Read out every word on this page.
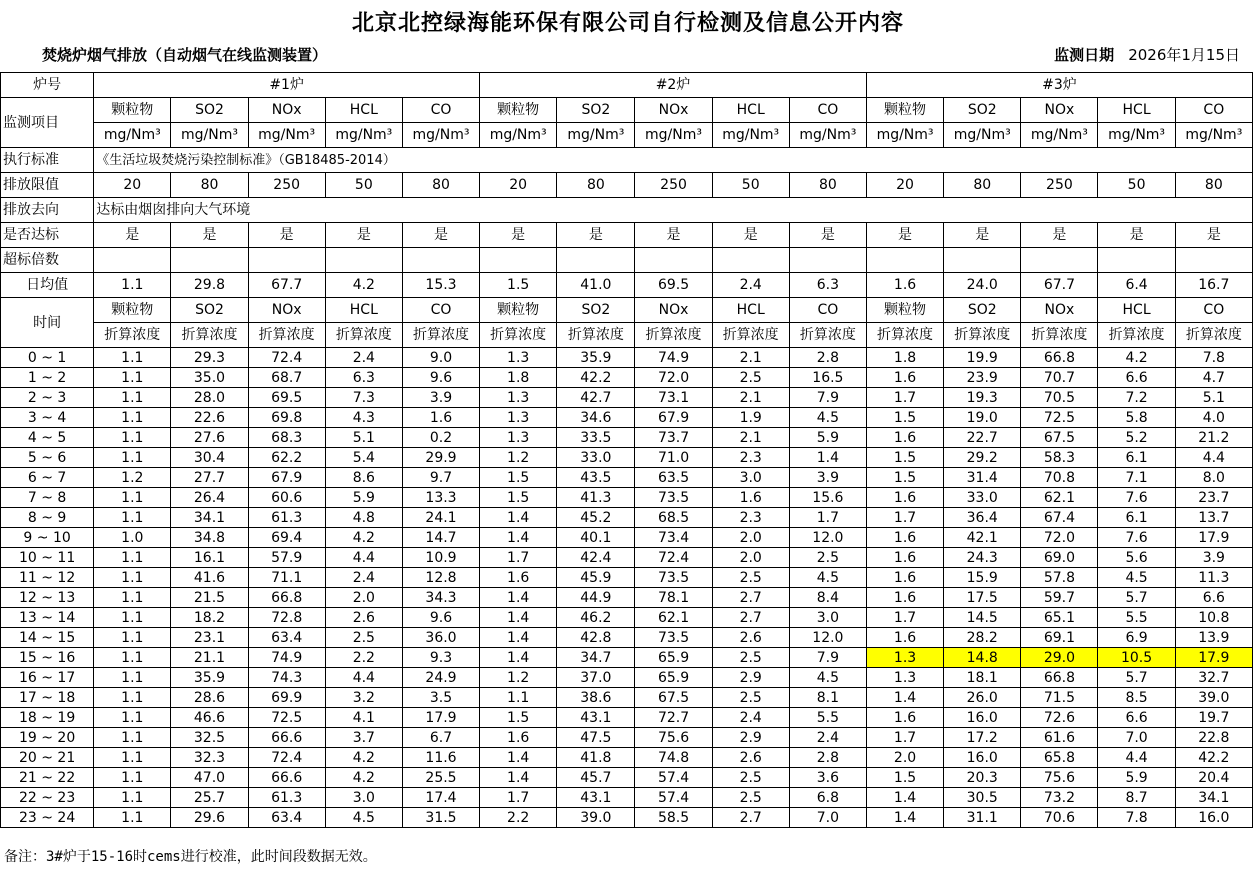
北京北控绿海能环保有限公司自行检测及信息公开内容
焚烧炉烟气排放（自动烟气在线监测装置）	监测日期 2026年1月15日
炉号	#1炉					#2炉					#3炉				
监测项目	颗粒物	SO2	NOx	HCL	CO	颗粒物	SO2	NOx	HCL	CO	颗粒物	SO2	NOx	HCL	CO
	mg/Nm³	mg/Nm³	mg/Nm³	mg/Nm³	mg/Nm³	mg/Nm³	mg/Nm³	mg/Nm³	mg/Nm³	mg/Nm³	mg/Nm³	mg/Nm³	mg/Nm³	mg/Nm³	mg/Nm³
执行标准	《生活垃圾焚烧污染控制标准》（GB18485-2014）														
排放限值	20	80	250	50	80	20	80	250	50	80	20	80	250	50	80
排放去向	达标由烟囱排向大气环境														
是否达标	是	是	是	是	是	是	是	是	是	是	是	是	是	是	是
超标倍数															
日均值	1.1	29.8	67.7	4.2	15.3	1.5	41.0	69.5	2.4	6.3	1.6	24.0	67.7	6.4	16.7
时间	颗粒物	SO2	NOx	HCL	CO	颗粒物	SO2	NOx	HCL	CO	颗粒物	SO2	NOx	HCL	CO
	折算浓度	折算浓度	折算浓度	折算浓度	折算浓度	折算浓度	折算浓度	折算浓度	折算浓度	折算浓度	折算浓度	折算浓度	折算浓度	折算浓度	折算浓度
0 ~ 1	1.1	29.3	72.4	2.4	9.0	1.3	35.9	74.9	2.1	2.8	1.8	19.9	66.8	4.2	7.8
1 ~ 2	1.1	35.0	68.7	6.3	9.6	1.8	42.2	72.0	2.5	16.5	1.6	23.9	70.7	6.6	4.7
2 ~ 3	1.1	28.0	69.5	7.3	3.9	1.3	42.7	73.1	2.1	7.9	1.7	19.3	70.5	7.2	5.1
3 ~ 4	1.1	22.6	69.8	4.3	1.6	1.3	34.6	67.9	1.9	4.5	1.5	19.0	72.5	5.8	4.0
4 ~ 5	1.1	27.6	68.3	5.1	0.2	1.3	33.5	73.7	2.1	5.9	1.6	22.7	67.5	5.2	21.2
5 ~ 6	1.1	30.4	62.2	5.4	29.9	1.2	33.0	71.0	2.3	1.4	1.5	29.2	58.3	6.1	4.4
6 ~ 7	1.2	27.7	67.9	8.6	9.7	1.5	43.5	63.5	3.0	3.9	1.5	31.4	70.8	7.1	8.0
7 ~ 8	1.1	26.4	60.6	5.9	13.3	1.5	41.3	73.5	1.6	15.6	1.6	33.0	62.1	7.6	23.7
8 ~ 9	1.1	34.1	61.3	4.8	24.1	1.4	45.2	68.5	2.3	1.7	1.7	36.4	67.4	6.1	13.7
9 ~ 10	1.0	34.8	69.4	4.2	14.7	1.4	40.1	73.4	2.0	12.0	1.6	42.1	72.0	7.6	17.9
10 ~ 11	1.1	16.1	57.9	4.4	10.9	1.7	42.4	72.4	2.0	2.5	1.6	24.3	69.0	5.6	3.9
11 ~ 12	1.1	41.6	71.1	2.4	12.8	1.6	45.9	73.5	2.5	4.5	1.6	15.9	57.8	4.5	11.3
12 ~ 13	1.1	21.5	66.8	2.0	34.3	1.4	44.9	78.1	2.7	8.4	1.6	17.5	59.7	5.7	6.6
13 ~ 14	1.1	18.2	72.8	2.6	9.6	1.4	46.2	62.1	2.7	3.0	1.7	14.5	65.1	5.5	10.8
14 ~ 15	1.1	23.1	63.4	2.5	36.0	1.4	42.8	73.5	2.6	12.0	1.6	28.2	69.1	6.9	13.9
15 ~ 16	1.1	21.1	74.9	2.2	9.3	1.4	34.7	65.9	2.5	7.9	1.3	14.8	29.0	10.5	17.9
16 ~ 17	1.1	35.9	74.3	4.4	24.9	1.2	37.0	65.9	2.9	4.5	1.3	18.1	66.8	5.7	32.7
17 ~ 18	1.1	28.6	69.9	3.2	3.5	1.1	38.6	67.5	2.5	8.1	1.4	26.0	71.5	8.5	39.0
18 ~ 19	1.1	46.6	72.5	4.1	17.9	1.5	43.1	72.7	2.4	5.5	1.6	16.0	72.6	6.6	19.7
19 ~ 20	1.1	32.5	66.6	3.7	6.7	1.6	47.5	75.6	2.9	2.4	1.7	17.2	61.6	7.0	22.8
20 ~ 21	1.1	32.3	72.4	4.2	11.6	1.4	41.8	74.8	2.6	2.8	2.0	16.0	65.8	4.4	42.2
21 ~ 22	1.1	47.0	66.6	4.2	25.5	1.4	45.7	57.4	2.5	3.6	1.5	20.3	75.6	5.9	20.4
22 ~ 23	1.1	25.7	61.3	3.0	17.4	1.7	43.1	57.4	2.5	6.8	1.4	30.5	73.2	8.7	34.1
23 ~ 24	1.1	29.6	63.4	4.5	31.5	2.2	39.0	58.5	2.7	7.0	1.4	31.1	70.6	7.8	16.0
备注：3#炉于15-16时cems进行校准，此时间段数据无效。
